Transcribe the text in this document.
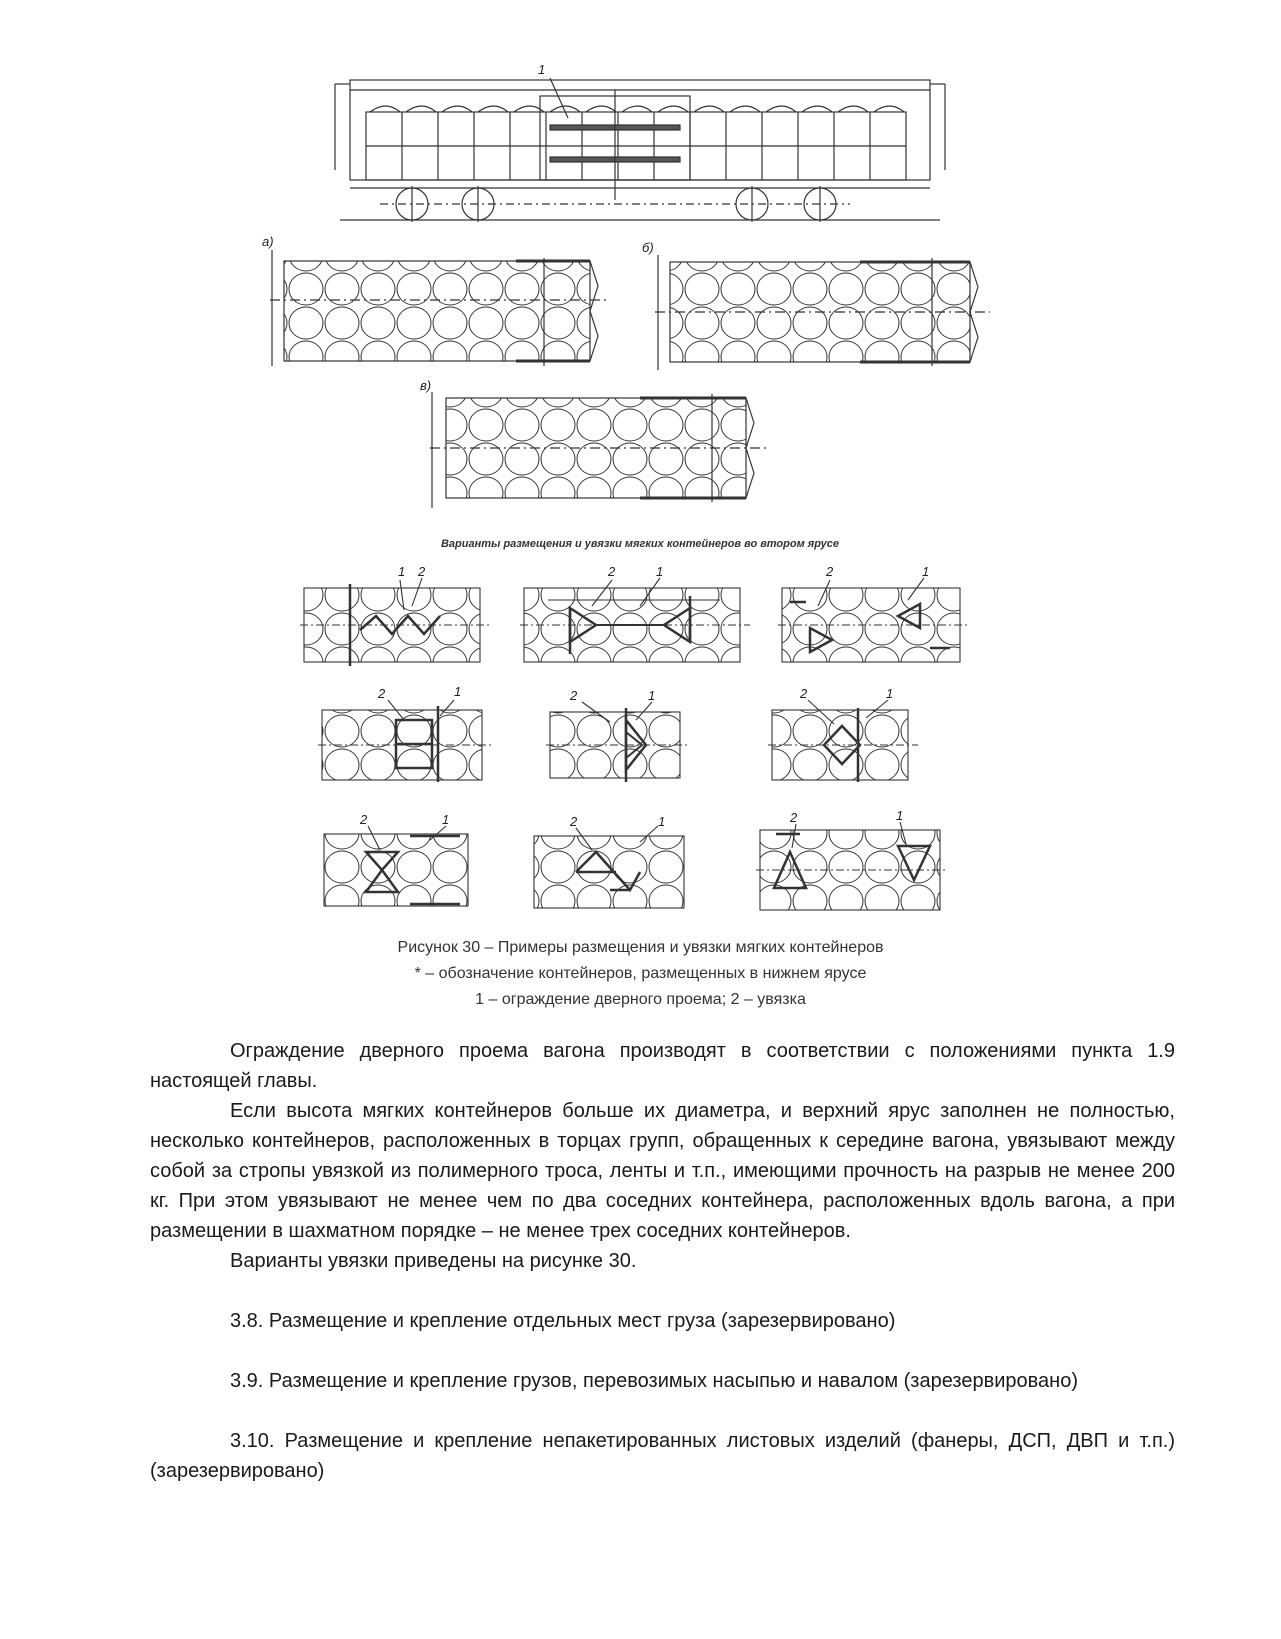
1
а)	б)
в)
Варианты размещения и увязки мягких контейнеров во втором ярусе
1 2	2	1	2	1
2	1	2	1	2	1
2	1	2	1	2	1
Рисунок 30 – Примеры размещения и увязки мягких контейнеров
* – обозначение контейнеров, размещенных в нижнем ярусе
1 – ограждение дверного проема; 2 – увязка

Ограждение дверного проема вагона производят в соответствии с положениями пункта 1.9 настоящей главы.

Если высота мягких контейнеров больше их диаметра, и верхний ярус заполнен не полностью, несколько контейнеров, расположенных в торцах групп, обращенных к середине вагона, увязывают между собой за стропы увязкой из полимерного троса, ленты и т.п., имеющими прочность на разрыв не менее 200 кг. При этом увязывают не менее чем по два соседних контейнера, расположенных вдоль вагона, а при размещении в шахматном порядке – не менее трех соседних контейнеров.

Варианты увязки приведены на рисунке 30.

3.8. Размещение и крепление отдельных мест груза (зарезервировано)

3.9. Размещение и крепление грузов, перевозимых насыпью и навалом (зарезервировано)

3.10. Размещение и крепление непакетированных листовых изделий (фанеры, ДСП, ДВП и т.п.) (зарезервировано)
